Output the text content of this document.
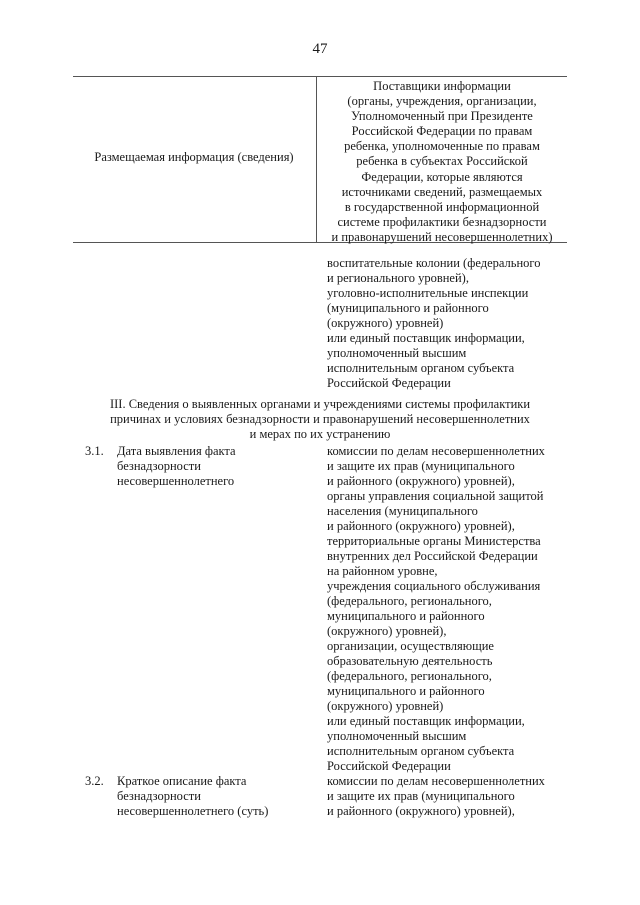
47
Размещаемая информация (сведения)
Поставщики информации
(органы, учреждения, организации,
Уполномоченный при Президенте
Российской Федерации по правам
ребенка, уполномоченные по правам
ребенка в субъектах Российской
Федерации, которые являются
источниками сведений, размещаемых
в государственной информационной
системе профилактики безнадзорности
и правонарушений несовершеннолетних)
воспитательные колонии (федерального
и регионального уровней),
уголовно-исполнительные инспекции
(муниципального и районного
(окружного) уровней)
или единый поставщик информации,
уполномоченный высшим
исполнительным органом субъекта
Российской Федерации
III. Сведения о выявленных органами и учреждениями системы профилактики
причинах и условиях безнадзорности и правонарушений несовершеннолетних
и мерах по их устранению
3.1. Дата выявления факта
безнадзорности
несовершеннолетнего
комиссии по делам несовершеннолетних
и защите их прав (муниципального
и районного (окружного) уровней),
органы управления социальной защитой
населения (муниципального
и районного (окружного) уровней),
территориальные органы Министерства
внутренних дел Российской Федерации
на районном уровне,
учреждения социального обслуживания
(федерального, регионального,
муниципального и районного
(окружного) уровней),
организации, осуществляющие
образовательную деятельность
(федерального, регионального,
муниципального и районного
(окружного) уровней)
или единый поставщик информации,
уполномоченный высшим
исполнительным органом субъекта
Российской Федерации
3.2. Краткое описание факта
безнадзорности
несовершеннолетнего (суть)
комиссии по делам несовершеннолетних
и защите их прав (муниципального
и районного (окружного) уровней),
